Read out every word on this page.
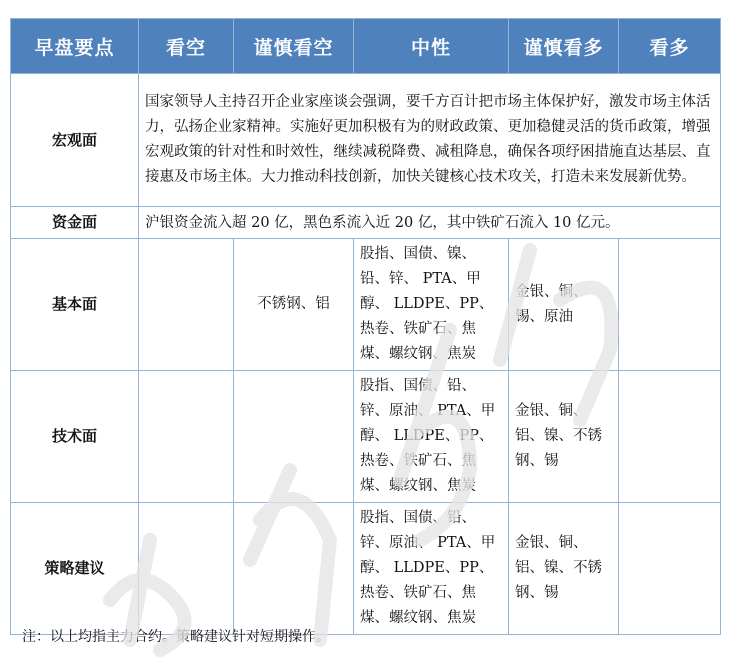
早盘要点	看空	谨慎看空	中性	谨慎看多	看多
宏观面	国家领导人主持召开企业家座谈会强调，要千方百计把市场主体保护好，激发市场主体活力，弘扬企业家精神。实施好更加积极有为的财政政策、更加稳健灵活的货币政策，增强宏观政策的针对性和时效性，继续减税降费、减租降息，确保各项纾困措施直达基层、直接惠及市场主体。大力推动科技创新，加快关键核心技术攻关，打造未来发展新优势。				
资金面	沪银资金流入超 20 亿，黑色系流入近 20 亿，其中铁矿石流入 10 亿元。				
基本面		不锈钢、铝	股指、国债、镍、铅、锌、 PTA、甲醇、 LLDPE、PP、热卷、铁矿石、焦煤、螺纹钢、焦炭	金银、铜、锡、原油	
技术面			股指、国债、铅、锌、原油、 PTA、甲醇、 LLDPE、PP、热卷、铁矿石、焦煤、螺纹钢、焦炭	金银、铜、铝、镍、不锈钢、锡	
策略建议			股指、国债、铅、锌、原油、 PTA、甲醇、 LLDPE、PP、热卷、铁矿石、焦煤、螺纹钢、焦炭	金银、铜、铝、镍、不锈钢、锡	
注：以上均指主力合约。策略建议针对短期操作。
